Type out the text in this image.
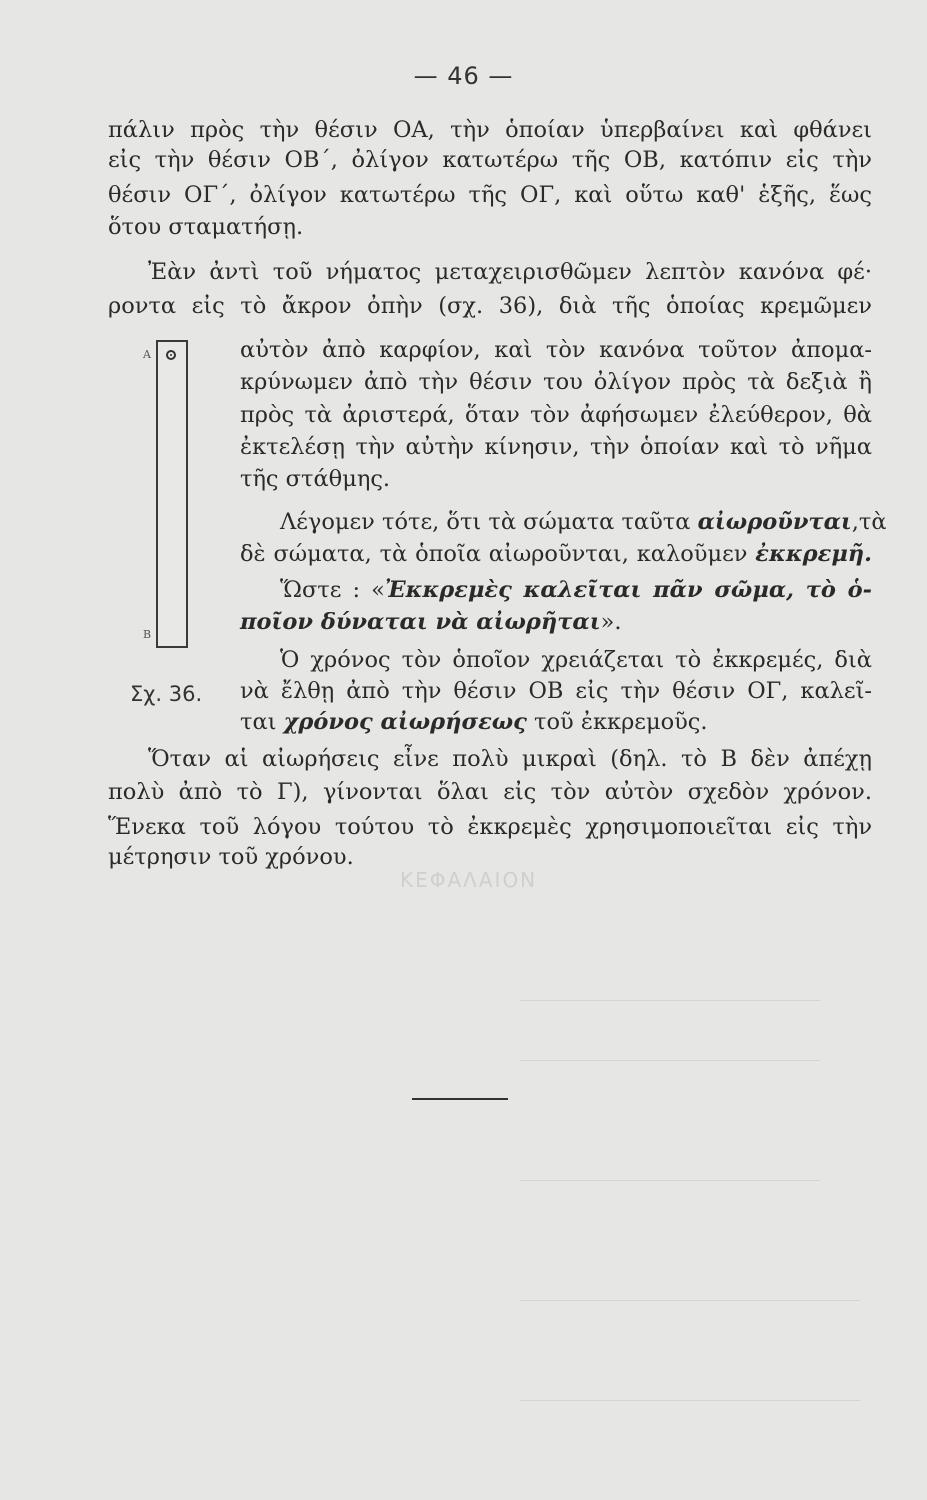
— 46 —
ΚΕΦΑΛΑΙΟΝ
πάλιν πρὸς τὴν θέσιν ΟΑ, τὴν ὁποίαν ὑπερβαίνει καὶ φθάνει
εἰς τὴν θέσιν ΟΒ΄, ὀλίγον κατωτέρω τῆς ΟΒ, κατόπιν εἰς τὴν
θέσιν ΟΓ΄, ὀλίγον κατωτέρω τῆς ΟΓ, καὶ οὕτω καθ' ἑξῆς, ἕως
ὅτου σταματήσῃ.
Ἐὰν ἀντὶ τοῦ νήματος μεταχειρισθῶμεν λεπτὸν κανόνα φέ·
ροντα εἰς τὸ ἄκρον ὀπὴν (σχ. 36), διὰ τῆς ὁποίας κρεμῶμεν
Α
Β
Σχ. 36.
αὐτὸν ἀπὸ καρφίον, καὶ τὸν κανόνα τοῦτον ἀπομα-
κρύνωμεν ἀπὸ τὴν θέσιν του ὀλίγον πρὸς τὰ δεξιὰ ἢ
πρὸς τὰ ἀριστερά, ὅταν τὸν ἀφήσωμεν ἐλεύθερον, θὰ
ἐκτελέσῃ τὴν αὐτὴν κίνησιν, τὴν ὁποίαν καὶ τὸ νῆμα
τῆς στάθμης.
Λέγομεν τότε, ὅτι τὰ σώματα ταῦτα αἰωροῦνται,τὰ
δὲ σώματα, τὰ ὁποῖα αἰωροῦνται, καλοῦμεν ἐκκρεμῆ.
Ὥστε : «Ἐκκρεμὲς καλεῖται πᾶν σῶμα, τὸ ὁ-
ποῖον δύναται νὰ αἰωρῆται».
Ὁ χρόνος τὸν ὁποῖον χρειάζεται τὸ ἐκκρεμές, διὰ
νὰ ἔλθῃ ἀπὸ τὴν θέσιν ΟΒ εἰς τὴν θέσιν ΟΓ, καλεῖ-
ται χρόνος αἰωρήσεως τοῦ ἐκκρεμοῦς.
Ὅταν αἱ αἰωρήσεις εἶνε πολὺ μικραὶ (δηλ. τὸ Β δὲν ἀπέχῃ
πολὺ ἀπὸ τὸ Γ), γίνονται ὅλαι εἰς τὸν αὐτὸν σχεδὸν χρόνον.
Ἕνεκα τοῦ λόγου τούτου τὸ ἐκκρεμὲς χρησιμοποιεῖται εἰς τὴν
μέτρησιν τοῦ χρόνου.
